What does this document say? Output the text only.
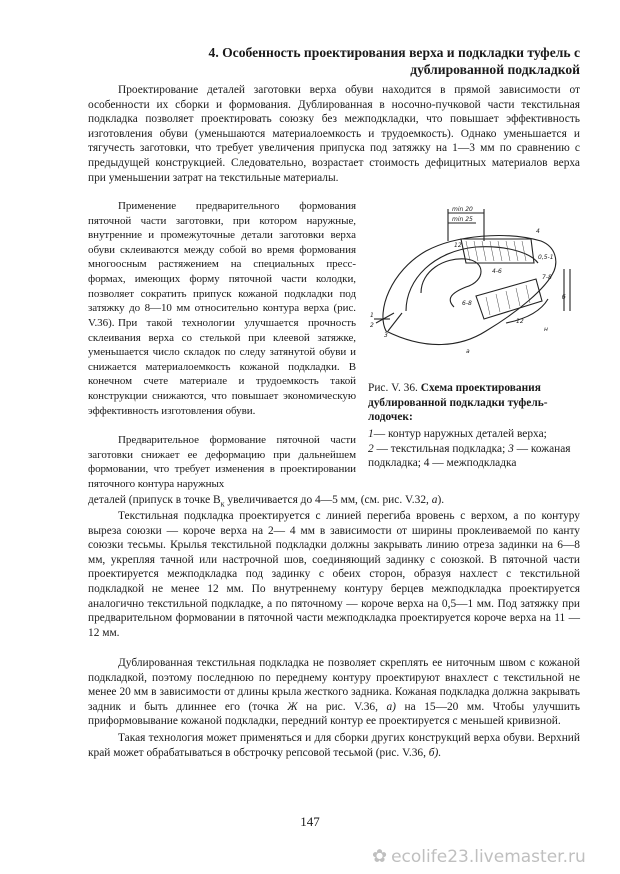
4. Особенность проектирования верха и подкладки туфель с
дублированной подкладкой

Проектирование деталей заготовки верха обуви находится в прямой зависимости от особенности их сборки и формования. Дублированная в носочно-пучковой части текстильная подкладка позволяет проектировать союзку без межподкладки, что повышает эффективность изготовления обуви (уменьшаются материалоемкость и трудоемкость). Однако уменьшается и тягучесть заготовки, что требует увеличения припуска под затяжку на 1—3 мм по сравнению с предыдущей конструкцией. Следовательно, возрастает стоимость дефицитных материалов верха при уменьшении затрат на текстильные материалы.

Применение предварительного формования пяточной части заготовки, при котором наружные, внутренние и промежуточные детали заготовки верха обуви склеиваются между собой во время формования многоосным растяжением на специальных пресс-формах, имеющих форму пяточной части колодки, позволяет сократить припуск кожаной подкладки под затяжку до 8—10 мм относительно контура верха (рис. V.36). При такой технологии улучшается прочность склеивания верха со стелькой при клеевой затяжке, уменьшается число складок по следу затянутой обуви и снижается материалоемкость кожаной подкладки. В конечном счете материале и трудоемкость такой конструкции снижаются, что повышает экономическую эффективность изготовления обуви.

Предварительное формование пяточной части заготовки снижает ее деформацию при дальнейшем формовании, что требует изменения в проектировании пяточного контура наружных

деталей (припуск в точке $В_к$ увеличивается до 4—5 мм, (см. рис. V.32, а).

Текстильная подкладка проектируется с линией перегиба вровень с верхом, а по контуру выреза союзки — короче верха на 2— 4 мм в зависимости от ширины проклеиваемой по канту союзки тесьмы. Крылья текстильной подкладки должны закрывать линию отреза задинки на 6—8 мм, укрепляя тачной или настрочной шов, соединяющий задинку с союзкой. В пяточной части проектируется межподкладка под задинку с обеих сторон, образуя нахлест с текстильной подкладкой не менее 12 мм. По внутреннему контуру берцев межподкладка проектируется аналогично текстильной подкладке, а по пяточному — короче верха на 0,5—1 мм. Под затяжку при предварительном формовании в пяточной части межподкладка проектируется короче верха на 11 —12 мм.

Дублированная текстильная подкладка не позволяет скреплять ее ниточным швом с кожаной подкладкой, поэтому последнюю по переднему контуру проектируют внахлест с текстильной не менее 20 мм в зависимости от длины крыла жесткого задника. Кожаная подкладка должна закрывать задник и быть длиннее его (точка Ж на рис. V.36, а) на 15—20 мм. Чтобы улучшить приформовывание кожаной подкладки, передний контур ее проектируется с меньшей кривизной.

Такая технология может применяться и для сборки других конструкций верха обуви. Верхний край может обрабатываться в обстрочку репсовой тесьмой (рис. V.36, б).

min 20
min 25
12
4
0,5-1
4-6
7-8
6-8
12
1
2
3
а
б
н
Рис. V. 36. Схема проектирования дублированной подкладки туфель-лодочек:
1— контур наружных деталей верха;
2 — текстильная подкладка; 3 — кожаная подкладка; 4 — межподкладка
147
✿ ecolife23.livemaster.ru
